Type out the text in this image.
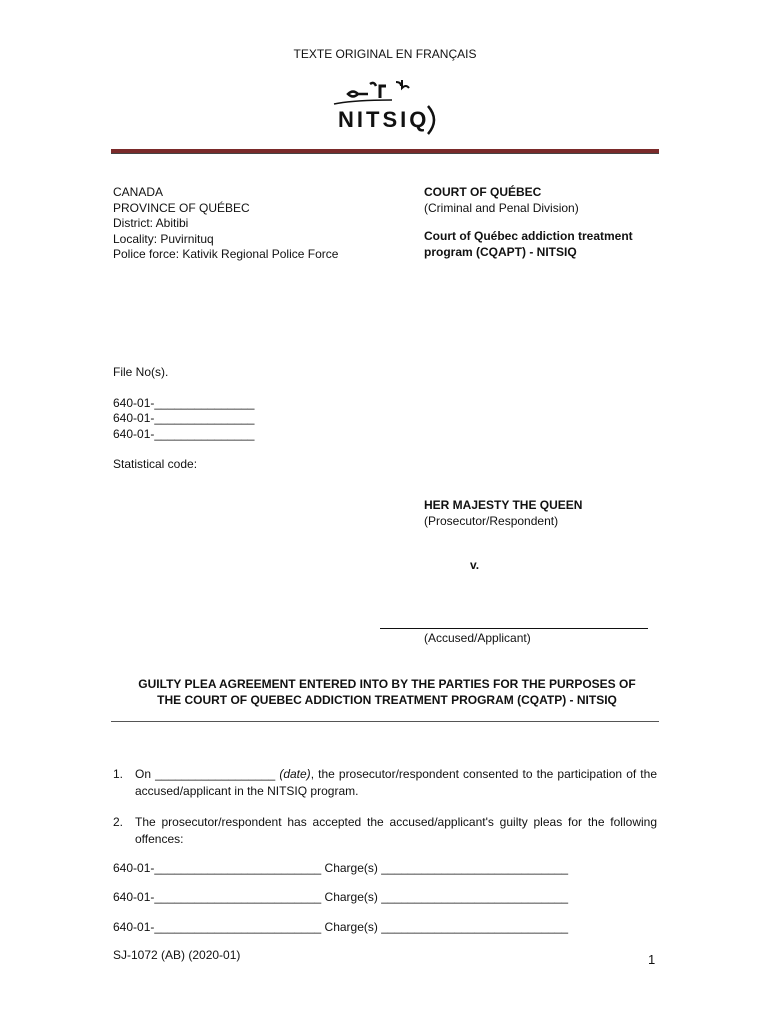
TEXTE ORIGINAL EN FRANÇAIS
NITSIQ
CANADA
PROVINCE OF QUÉBEC
District: Abitibi
Locality: Puvirnituq
Police force: Kativik Regional Police Force
COURT OF QUÉBEC
(Criminal and Penal Division)
Court of Québec addiction treatment
program (CQAPT) - NITSIQ
File No(s).
640-01-_______________
640-01-_______________
640-01-_______________
Statistical code:
HER MAJESTY THE QUEEN
(Prosecutor/Respondent)
v.
(Accused/Applicant)
GUILTY PLEA AGREEMENT ENTERED INTO BY THE PARTIES FOR THE PURPOSES OF
THE COURT OF QUEBEC ADDICTION TREATMENT PROGRAM (CQATP) - NITSIQ
1. On __________________ (date), the prosecutor/respondent consented to the participation of the accused/applicant in the NITSIQ program.
2. The prosecutor/respondent has accepted the accused/applicant's guilty pleas for the following offences:
640-01-_________________________ Charge(s) ____________________________
640-01-_________________________ Charge(s) ____________________________
640-01-_________________________ Charge(s) ____________________________
SJ-1072 (AB) (2020-01)	1
